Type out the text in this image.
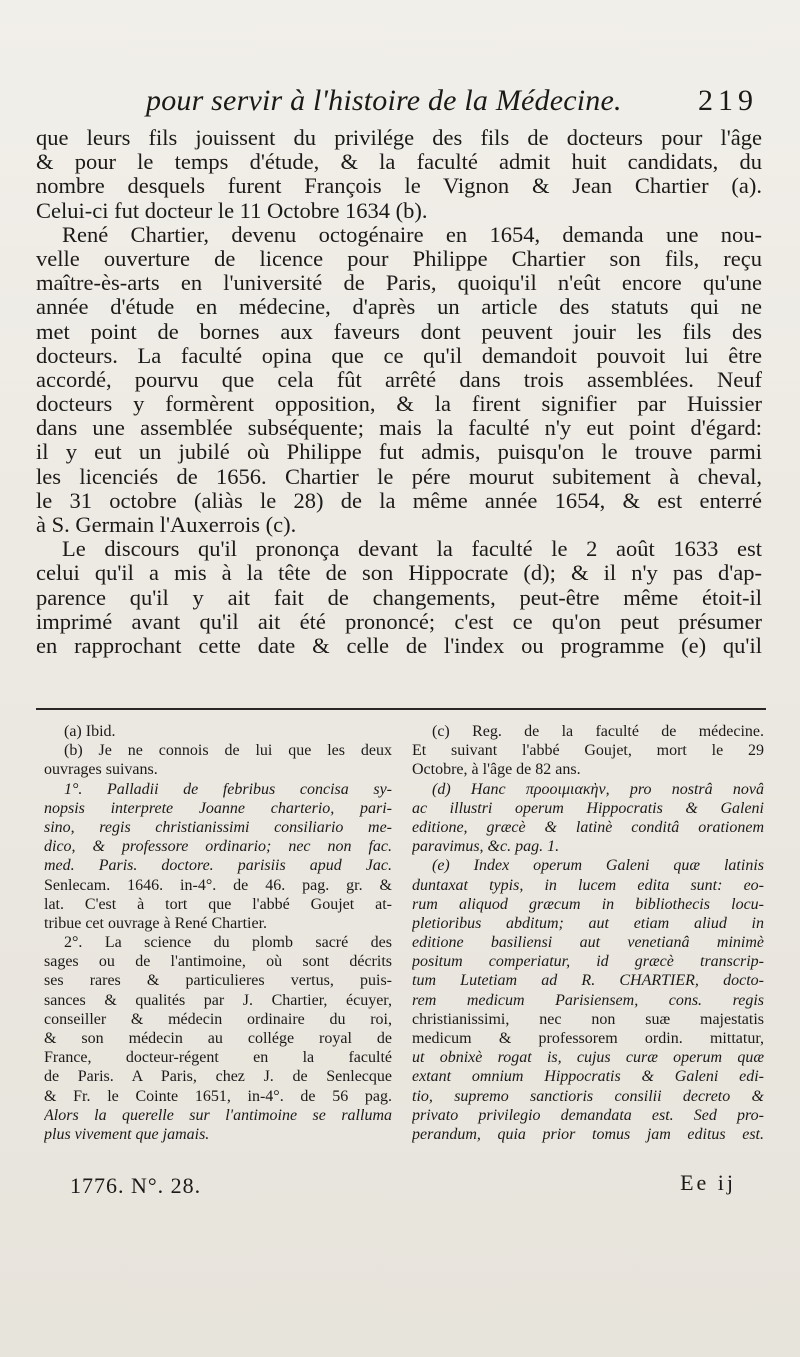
pour servir à l'histoire de la Médecine.	219
que leurs fils jouissent du privilége des fils de docteurs pour l'âge
& pour le temps d'étude, & la faculté admit huit candidats, du
nombre desquels furent François le Vignon & Jean Chartier (a).
Celui-ci fut docteur le 11 Octobre 1634 (b).
René Chartier, devenu octogénaire en 1654, demanda une nou-
velle ouverture de licence pour Philippe Chartier son fils, reçu
maître-ès-arts en l'université de Paris, quoiqu'il n'eût encore qu'une
année d'étude en médecine, d'après un article des statuts qui ne
met point de bornes aux faveurs dont peuvent jouir les fils des
docteurs. La faculté opina que ce qu'il demandoit pouvoit lui être
accordé, pourvu que cela fût arrêté dans trois assemblées. Neuf
docteurs y formèrent opposition, & la firent signifier par Huissier
dans une assemblée subséquente; mais la faculté n'y eut point d'égard:
il y eut un jubilé où Philippe fut admis, puisqu'on le trouve parmi
les licenciés de 1656. Chartier le pére mourut subitement à cheval,
le 31 octobre (aliàs le 28) de la même année 1654, & est enterré
à S. Germain l'Auxerrois (c).
Le discours qu'il prononça devant la faculté le 2 août 1633 est
celui qu'il a mis à la tête de son Hippocrate (d); & il n'y pas d'ap-
parence qu'il y ait fait de changements, peut-être même étoit-il
imprimé avant qu'il ait été prononcé; c'est ce qu'on peut présumer
en rapprochant cette date & celle de l'index ou programme (e) qu'il
(a) Ibid.
(b) Je ne connois de lui que les deux
ouvrages suivans.
1°. Palladii de febribus concisa sy-
nopsis interprete Joanne charterio, pari-
sino, regis christianissimi consiliario me-
dico, & professore ordinario; nec non fac.
med. Paris. doctore. parisiis apud Jac.
Senlecam. 1646. in-4°. de 46. pag. gr. &
lat. C'est à tort que l'abbé Goujet at-
tribue cet ouvrage à René Chartier.
2°. La science du plomb sacré des
sages ou de l'antimoine, où sont décrits
ses rares & particulieres vertus, puis-
sances & qualités par J. Chartier, écuyer,
conseiller & médecin ordinaire du roi,
& son médecin au collége royal de
France, docteur-régent en la faculté
de Paris. A Paris, chez J. de Senlecque
& Fr. le Cointe 1651, in-4°. de 56 pag.
Alors la querelle sur l'antimoine se ralluma
plus vivement que jamais.
(c) Reg. de la faculté de médecine.
Et suivant l'abbé Goujet, mort le 29
Octobre, à l'âge de 82 ans.
(d) Hanc προοιμιακὴν, pro nostrâ novâ
ac illustri operum Hippocratis & Galeni
editione, græcè & latinè conditâ orationem
paravimus, &c. pag. 1.
(e) Index operum Galeni quæ latinis
duntaxat typis, in lucem edita sunt: eo-
rum aliquod græcum in bibliothecis locu-
pletioribus abditum; aut etiam aliud in
editione basiliensi aut venetianâ minimè
positum comperiatur, id græcè transcrip-
tum Lutetiam ad R. CHARTIER, docto-
rem medicum Parisiensem, cons. regis
christianissimi, nec non suæ majestatis
medicum & professorem ordin. mittatur,
ut obnixè rogat is, cujus curæ operum quæ
extant omnium Hippocratis & Galeni edi-
tio, supremo sanctioris consilii decreto &
privato privilegio demandata est. Sed pro-
perandum, quia prior tomus jam editus est.
1776. N°. 28.	Ee ij
